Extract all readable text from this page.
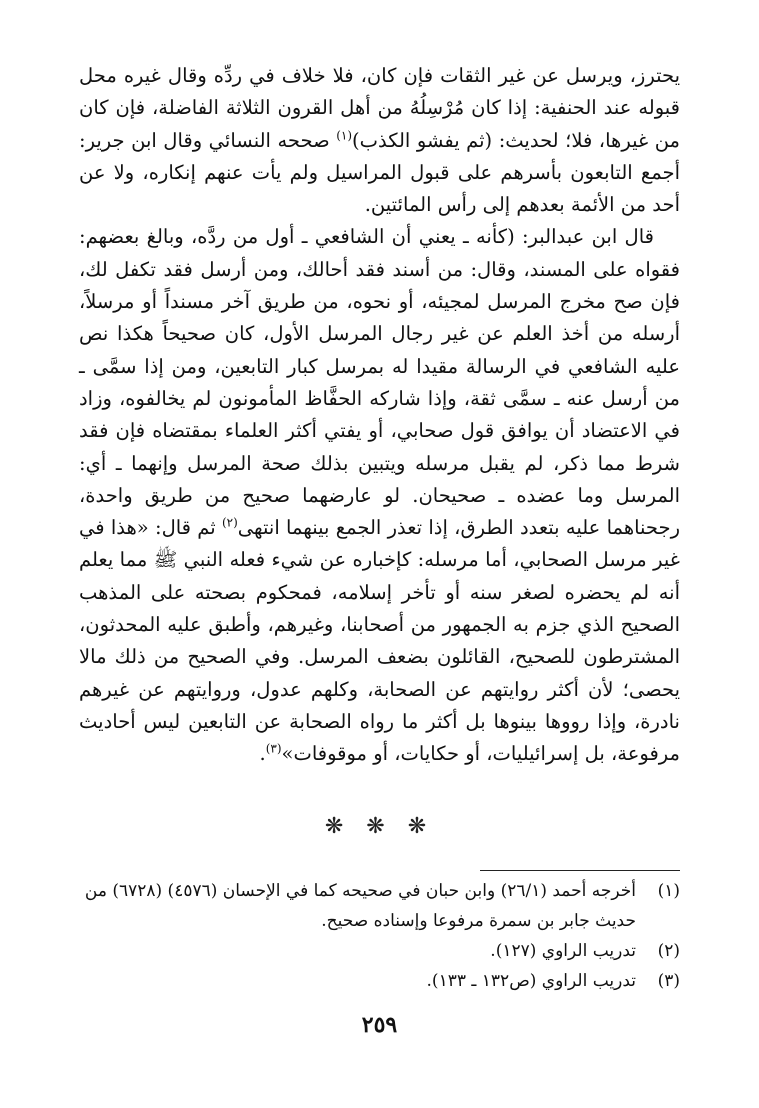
يحترز، ويرسل عن غير الثقات فإن كان، فلا خلاف في ردِّه وقال غيره محل قبوله عند الحنفية: إذا كان مُرْسِلُهُ من أهل القرون الثلاثة الفاضلة، فإن كان من غيرها، فلا؛ لحديث: (ثم يفشو الكذب)$^{(١)}$ صححه النسائي وقال ابن جرير: أجمع التابعون بأسرهم على قبول المراسيل ولم يأت عنهم إنكاره، ولا عن أحد من الأئمة بعدهم إلى رأس المائتين.

قال ابن عبدالبر: (كأنه ـ يعني أن الشافعي ـ أول من ردَّه، وبالغ بعضهم: فقواه على المسند، وقال: من أسند فقد أحالك، ومن أرسل فقد تكفل لك، فإن صح مخرج المرسل لمجيئه، أو نحوه، من طريق آخر مسنداً أو مرسلاً، أرسله من أخذ العلم عن غير رجال المرسل الأول، كان صحيحاً هكذا نص عليه الشافعي في الرسالة مقيدا له بمرسل كبار التابعين، ومن إذا سمَّى ـ من أرسل عنه ـ سمَّى ثقة، وإذا شاركه الحفَّاظ المأمونون لم يخالفوه، وزاد في الاعتضاد أن يوافق قول صحابي، أو يفتي أكثر العلماء بمقتضاه فإن فقد شرط مما ذكر، لم يقبل مرسله ويتبين بذلك صحة المرسل وإنهما ـ أي: المرسل وما عضده ـ صحيحان. لو عارضهما صحيح من طريق واحدة، رجحناهما عليه بتعدد الطرق، إذا تعذر الجمع بينهما انتهى$^{(٢)}$ ثم قال: «هذا في غير مرسل الصحابي، أما مرسله: كإخباره عن شيء فعله النبي ﷺ مما يعلم أنه لم يحضره لصغر سنه أو تأخر إسلامه، فمحكوم بصحته على المذهب الصحيح الذي جزم به الجمهور من أصحابنا، وغيرهم، وأطبق عليه المحدثون، المشترطون للصحيح، القائلون بضعف المرسل. وفي الصحيح من ذلك مالا يحصى؛ لأن أكثر روايتهم عن الصحابة، وكلهم عدول، وروايتهم عن غيرهم نادرة، وإذا رووها بينوها بل أكثر ما رواه الصحابة عن التابعين ليس أحاديث مرفوعة، بل إسرائيليات، أو حكايات، أو موقوفات»$^{(٣)}$.

❋ ❋ ❋
(١)
أخرجه أحمد (٢٦/١) وابن حبان في صحيحه كما في الإحسان (٤٥٧٦) (٦٧٢٨) من حديث جابر بن سمرة مرفوعا وإسناده صحيح.
(٢)
تدريب الراوي (١٢٧).
(٣)
تدريب الراوي (ص١٣٢ ـ ١٣٣).
٢٥٩
